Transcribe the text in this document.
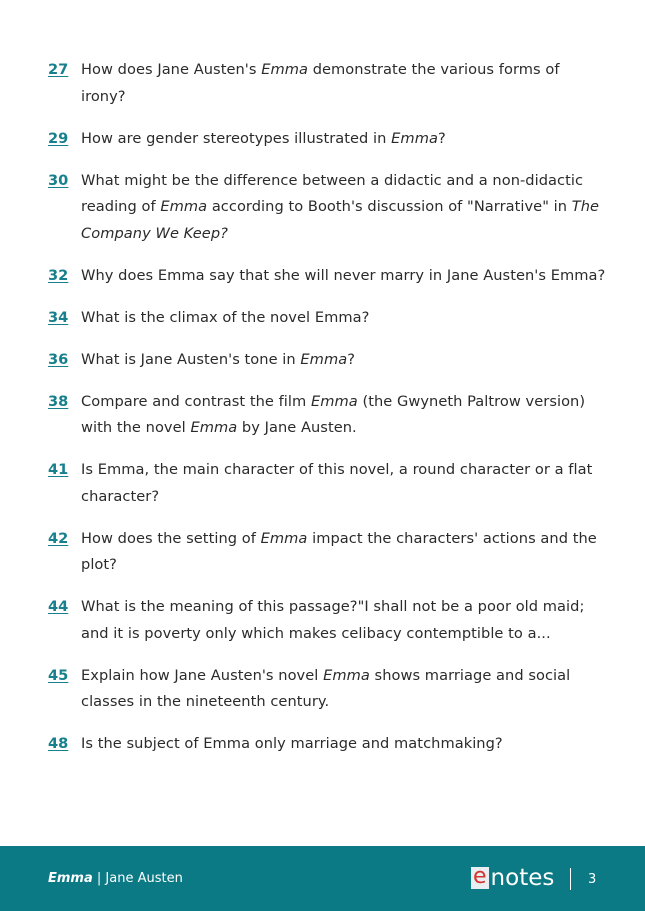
27 How does Jane Austen's Emma demonstrate the various forms of irony?
29 How are gender stereotypes illustrated in Emma?
30 What might be the difference between a didactic and a non-didactic reading of Emma according to Booth's discussion of "Narrative" in The Company We Keep?
32 Why does Emma say that she will never marry in Jane Austen's Emma?
34 What is the climax of the novel Emma?
36 What is Jane Austen's tone in Emma?
38 Compare and contrast the film Emma (the Gwyneth Paltrow version) with the novel Emma by Jane Austen.
41 Is Emma, the main character of this novel, a round character or a flat character?
42 How does the setting of Emma impact the characters' actions and the plot?
44 What is the meaning of this passage?"I shall not be a poor old maid; and it is poverty only which makes celibacy contemptible to a...
45 Explain how Jane Austen's novel Emma shows marriage and social classes in the nineteenth century.
48 Is the subject of Emma only marriage and matchmaking?
Emma | Jane Austen	e notes	3
